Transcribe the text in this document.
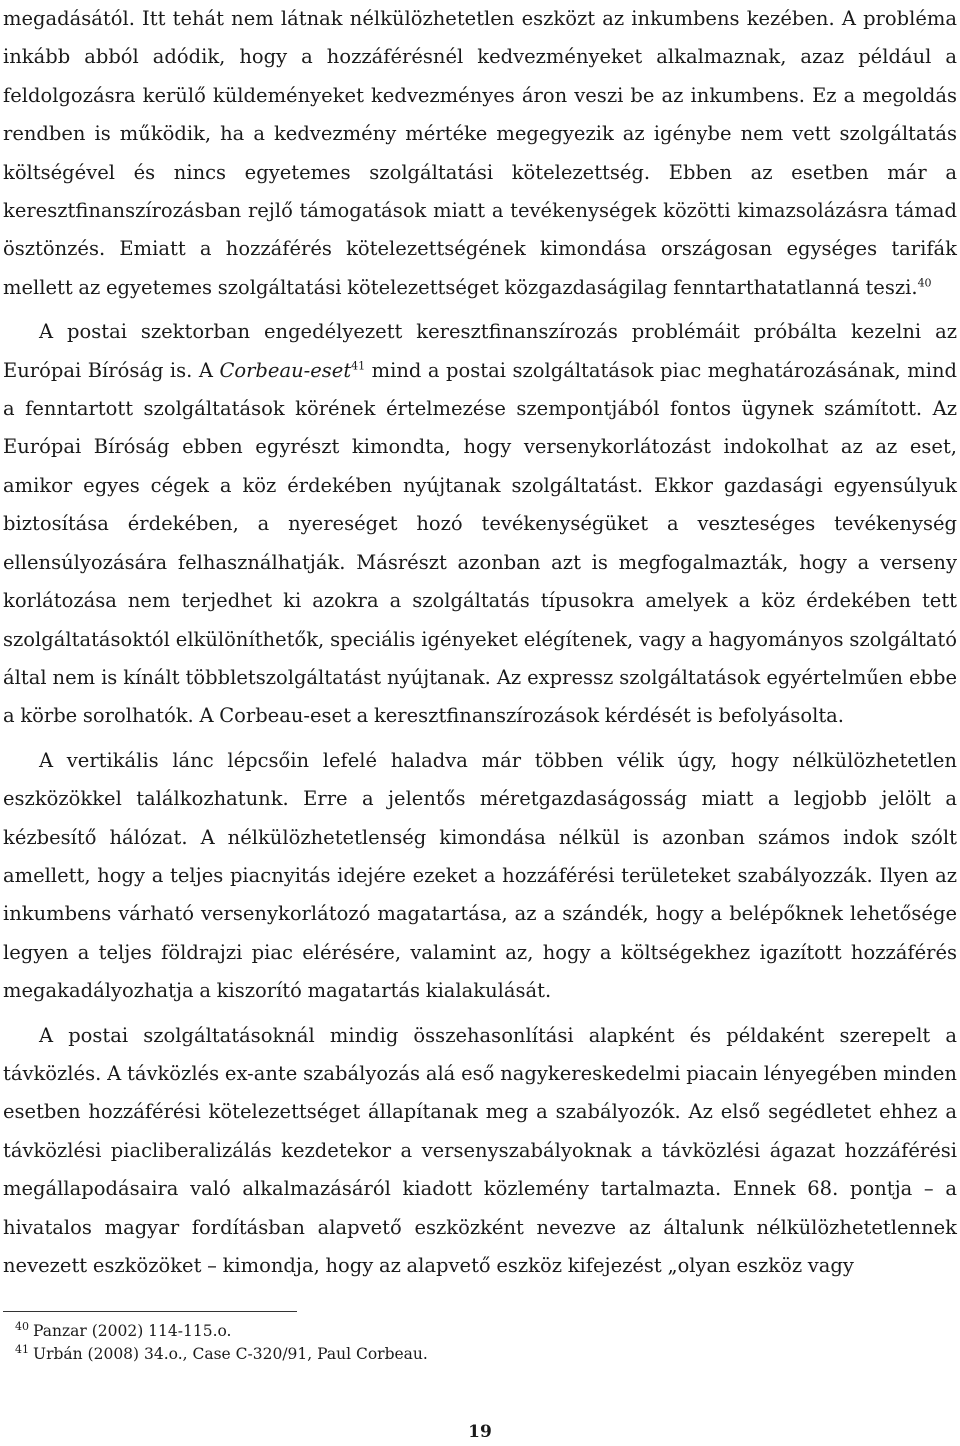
megadásától. Itt tehát nem látnak nélkülözhetetlen eszközt az inkumbens kezében. A probléma inkább abból adódik, hogy a hozzáférésnél kedvezményeket alkalmaznak, azaz például a feldolgozásra kerülő küldeményeket kedvezményes áron veszi be az inkumbens. Ez a megoldás rendben is működik, ha a kedvezmény mértéke megegyezik az igénybe nem vett szolgáltatás költségével és nincs egyetemes szolgáltatási kötelezettség. Ebben az esetben már a keresztfinanszírozásban rejlő támogatások miatt a tevékenységek közötti kimazsolázásra támad ösztönzés. Emiatt a hozzáférés kötelezettségének kimondása országosan egységes tarifák mellett az egyetemes szolgáltatási kötelezettséget közgazdaságilag fenntarthatatlanná teszi.$^{40}$

A postai szektorban engedélyezett keresztfinanszírozás problémáit próbálta kezelni az Európai Bíróság is. A Corbeau-eset$^{41}$ mind a postai szolgáltatások piac meghatározásának, mind a fenntartott szolgáltatások körének értelmezése szempontjából fontos ügynek számított. Az Európai Bíróság ebben egyrészt kimondta, hogy versenykorlátozást indokolhat az az eset, amikor egyes cégek a köz érdekében nyújtanak szolgáltatást. Ekkor gazdasági egyensúlyuk biztosítása érdekében, a nyereséget hozó tevékenységüket a veszteséges tevékenység ellensúlyozására felhasználhatják. Másrészt azonban azt is megfogalmazták, hogy a verseny korlátozása nem terjedhet ki azokra a szolgáltatás típusokra amelyek a köz érdekében tett szolgáltatásoktól elkülöníthetők, speciális igényeket elégítenek, vagy a hagyományos szolgáltató által nem is kínált többletszolgáltatást nyújtanak. Az expressz szolgáltatások egyértelműen ebbe a körbe sorolhatók. A Corbeau-eset a keresztfinanszírozások kérdését is befolyásolta.

A vertikális lánc lépcsőin lefelé haladva már többen vélik úgy, hogy nélkülözhetetlen eszközökkel találkozhatunk. Erre a jelentős méretgazdaságosság miatt a legjobb jelölt a kézbesítő hálózat. A nélkülözhetetlenség kimondása nélkül is azonban számos indok szólt amellett, hogy a teljes piacnyitás idejére ezeket a hozzáférési területeket szabályozzák. Ilyen az inkumbens várható versenykorlátozó magatartása, az a szándék, hogy a belépőknek lehetősége legyen a teljes földrajzi piac elérésére, valamint az, hogy a költségekhez igazított hozzáférés megakadályozhatja a kiszorító magatartás kialakulását.

A postai szolgáltatásoknál mindig összehasonlítási alapként és példaként szerepelt a távközlés. A távközlés ex-ante szabályozás alá eső nagykereskedelmi piacain lényegében minden esetben hozzáférési kötelezettséget állapítanak meg a szabályozók. Az első segédletet ehhez a távközlési piacliberalizálás kezdetekor a versenyszabályoknak a távközlési ágazat hozzáférési megállapodásaira való alkalmazásáról kiadott közlemény tartalmazta. Ennek 68. pontja – a hivatalos magyar fordításban alapvető eszközként nevezve az általunk nélkülözhetetlennek nevezett eszközöket – kimondja, hogy az alapvető eszköz kifejezést „olyan eszköz vagy

$^{40}$ Panzar (2002) 114-115.o.

$^{41}$ Urbán (2008) 34.o., Case C-320/91, Paul Corbeau.

19
